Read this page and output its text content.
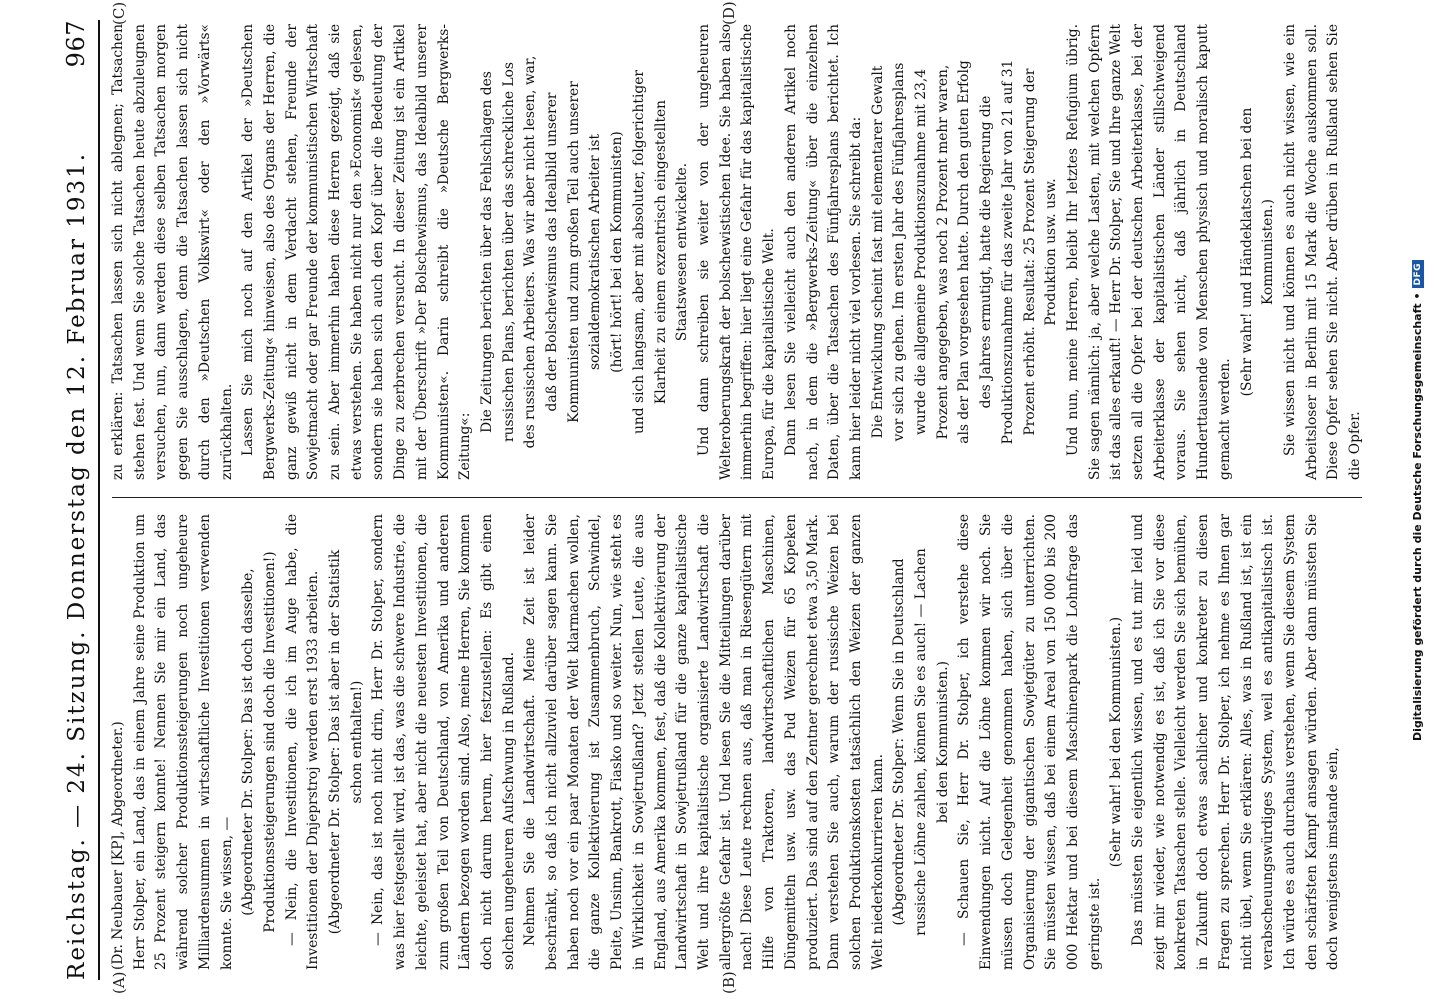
Reichstag. — 24. Sitzung. Donnerstag den 12. Februar 1931.
967
(A)	(B)
(C)	(D)

(Dr. Neubauer [KP], Abgeordneter.) Herr Stolper, ein Land, das in einem Jahre seine Produktion um 25 Prozent steigern konnte! Nennen Sie mir ein Land, das während solcher Produktionssteigerungen noch ungeheure Milliardensummen in wirtschaftliche Investitionen verwenden konnte. Sie wissen, — (Abgeordneter Dr. Stolper: Das ist doch dasselbe, Produktionssteigerungen sind doch die Investitionen!) — Nein, die Investitionen, die ich im Auge habe, die Investitionen der Dnjeprstroj werden erst 1933 arbeiten. (Abgeordneter Dr. Stolper: Das ist aber in der Statistik schon enthalten!) — Nein, das ist noch nicht drin, Herr Dr. Stolper, sondern was hier festgestellt wird, ist das, was die schwere Industrie, die leichte, geleistet hat, aber nicht die neuesten Investitionen, die zum großen Teil von Deutschland, von Amerika und anderen Ländern bezogen worden sind. Also, meine Herren, Sie kommen doch nicht darum herum, hier festzustellen: Es gibt einen solchen ungeheuren Aufschwung in Rußland. Nehmen Sie die Landwirtschaft. Meine Zeit ist leider beschränkt, so daß ich nicht allzuviel darüber sagen kann. Sie haben noch vor ein paar Monaten der Welt klarmachen wollen, die ganze Kollektivierung ist Zusammenbruch, Schwindel, Pleite, Unsinn, Bankrott, Fiasko und so weiter. Nun, wie steht es in Wirklichkeit in Sowjetrußland? Jetzt stellen Leute, die aus England, aus Amerika kommen, fest, daß die Kollektivierung der Landwirtschaft in Sowjetrußland für die ganze kapitalistische Welt und ihre kapitalistische organisierte Landwirtschaft die allergrößte Gefahr ist. Und lesen Sie die Mitteilungen darüber nach! Diese Leute rechnen aus, daß man in Riesengütern mit Hilfe von Traktoren, landwirtschaftlichen Maschinen, Düngemitteln usw. usw. das Pud Weizen für 65 Kopeken produziert. Das sind auf den Zentner gerechnet etwa 3,50 Mark. Dann verstehen Sie auch, warum der russische Weizen bei solchen Produktionskosten tatsächlich den Weizen der ganzen Welt niederkonkurrieren kann. (Abgeordneter Dr. Stolper: Wenn Sie in Deutschland russische Löhne zahlen, können Sie es auch! — Lachen bei den Kommunisten.) — Schauen Sie, Herr Dr. Stolper, ich verstehe diese Einwendungen nicht. Auf die Löhne kommen wir noch. Sie müssen doch Gelegenheit genommen haben, sich über die Organisierung der gigantischen Sowjetgüter zu unterrichten. Sie müssten wissen, daß bei einem Areal von 150 000 bis 200 000 Hektar und bei diesem Maschinenpark die Lohnfrage das geringste ist.

(Sehr wahr! bei den Kommunisten.) Das müssten Sie eigentlich wissen, und es tut mir leid und zeigt mir wieder, wie notwendig es ist, daß ich Sie vor diese konkreten Tatsachen stelle. Vielleicht werden Sie sich bemühen, in Zukunft doch etwas sachlicher und konkreter zu diesen Fragen zu sprechen. Herr Dr. Stolper, ich nehme es Ihnen gar nicht übel, wenn Sie erklären: Alles, was in Rußland ist, ist ein verabscheuungswürdiges System, weil es antikapitalistisch ist. Ich würde es auch durchaus verstehen, wenn Sie diesem System den schärfsten Kampf ansagen würden. Aber dann müssten Sie doch wenigstens imstande sein,

zu erklären: Tatsachen lassen sich nicht ablegnen; Tatsachen stehen fest. Und wenn Sie solche Tatsachen heute abzuleugnen versuchen, nun, dann werden diese selben Tatsachen morgen gegen Sie ausschlagen, denn die Tatsachen lassen sich nicht durch den »Deutschen Volkswirt« oder den »Vorwärts« zurückhalten. Lassen Sie mich noch auf den Artikel der »Deutschen Bergwerks-Zeitung« hinweisen, also des Organs der Herren, die ganz gewiß nicht in dem Verdacht stehen, Freunde der Sowjetmacht oder gar Freunde der kommunistischen Wirtschaft zu sein. Aber immerhin haben diese Herren gezeigt, daß sie etwas verstehen. Sie haben nicht nur den »Economist« gelesen, sondern sie haben sich auch den Kopf über die Bedeutung der Dinge zu zerbrechen versucht. In dieser Zeitung ist ein Artikel mit der Überschrift »Der Bolschewismus, das Idealbild unserer Kommunisten«. Darin schreibt die »Deutsche Bergwerks-Zeitung«:

Die Zeitungen berichten über das Fehlschlagen des russischen Plans, berichten über das schreckliche Los des russischen Arbeiters. Was wir aber nicht lesen, war, daß der Bolschewismus das Idealbild unserer Kommunisten und zum großen Teil auch unserer sozialdemokratischen Arbeiter ist (hört! hört! bei den Kommunisten) und sich langsam, aber mit absoluter, folgerichtiger Klarheit zu einem exzentrisch eingestellten Staatswesen entwickelte. Und dann schreiben sie weiter von der ungeheuren Welteroberungskraft der bolschewistischen Idee. Sie haben also immerhin begriffen: hier liegt eine Gefahr für das kapitalistische Europa, für die kapitalistische Welt. Dann lesen Sie vielleicht auch den anderen Artikel noch nach, in dem die »Bergwerks-Zeitung« über die einzelnen Daten, über die Tatsachen des Fünfjahresplans berichtet. Ich kann hier leider nicht viel vorlesen. Sie schreibt da: Die Entwicklung scheint fast mit elementarer Gewalt vor sich zu gehen. Im ersten Jahr des Fünfjahresplans wurde die allgemeine Produktionszunahme mit 23,4 Prozent angegeben, was noch 2 Prozent mehr waren, als der Plan vorgesehen hatte. Durch den guten Erfolg des Jahres ermutigt, hatte die Regierung die Produktionszunahme für das zweite Jahr von 21 auf 31 Prozent erhöht. Resultat: 25 Prozent Steigerung der Produktion usw. usw. Und nun, meine Herren, bleibt Ihr letztes Refugium übrig. Sie sagen nämlich: ja, aber welche Lasten, mit welchen Opfern ist das alles erkauft! — Herr Dr. Stolper, Sie und Ihre ganze Welt setzen all die Opfer bei der deutschen Arbeiterklasse, bei der Arbeiterklasse der kapitalistischen Länder stillschweigend voraus. Sie sehen nicht, daß jährlich in Deutschland Hunderttausende von Menschen physisch und moralisch kaputt gemacht werden.

(Sehr wahr! und Händeklatschen bei den Kommunisten.) Sie wissen nicht und können es auch nicht wissen, wie ein Arbeitsloser in Berlin mit 15 Mark die Woche auskommen soll. Diese Opfer sehen Sie nicht. Aber drüben in Rußland sehen Sie die Opfer.	Digitalisierung gefördert durch die Deutsche Forschungsgemeinschaft •
DFG
